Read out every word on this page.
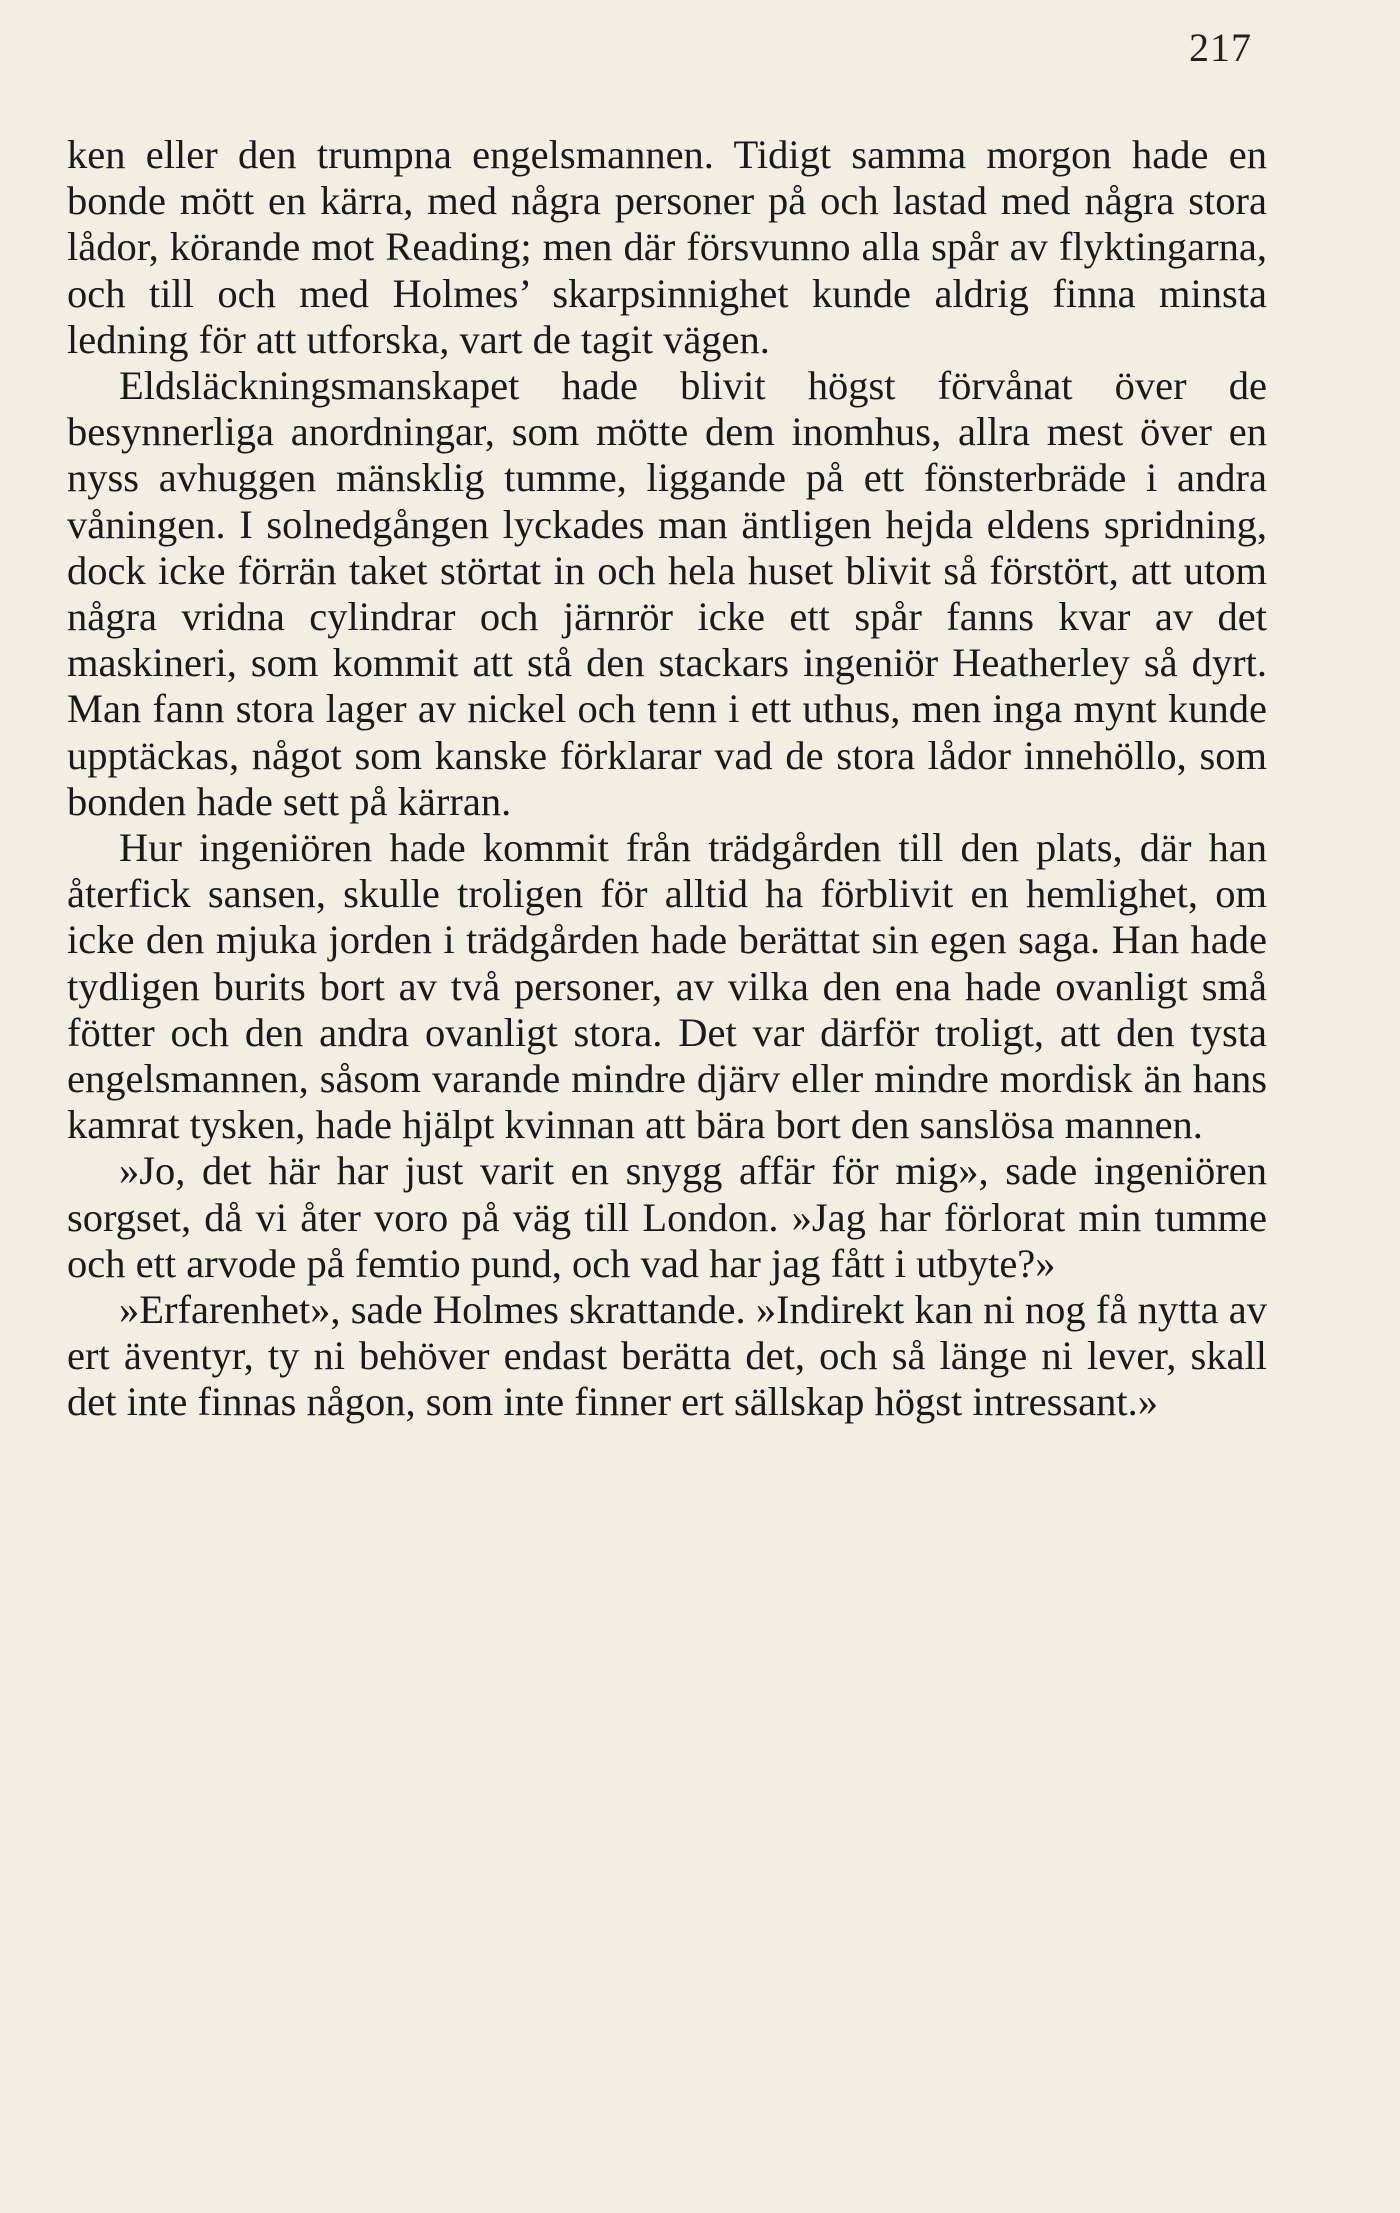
217

ken eller den trumpna engelsmannen. Tidigt samma morgon hade en bonde mött en kärra, med några personer på och lastad med några stora lådor, körande mot Reading; men där försvunno alla spår av flyktingarna, och till och med Holmes’ skarpsinnighet kunde aldrig finna minsta ledning för att utforska, vart de tagit vägen.

Eldsläckningsmanskapet hade blivit högst förvånat över de besynnerliga anordningar, som mötte dem inomhus, allra mest över en nyss avhuggen mänsklig tumme, liggande på ett fönsterbräde i andra våningen. I solnedgången lyckades man äntligen hejda eldens spridning, dock icke förrän taket störtat in och hela huset blivit så förstört, att utom några vridna cylindrar och järnrör icke ett spår fanns kvar av det maskineri, som kommit att stå den stackars ingeniör Heatherley så dyrt. Man fann stora lager av nickel och tenn i ett uthus, men inga mynt kunde upptäckas, något som kanske förklarar vad de stora lådor innehöllo, som bonden hade sett på kärran.

Hur ingeniören hade kommit från trädgården till den plats, där han återfick sansen, skulle troligen för alltid ha förblivit en hemlighet, om icke den mjuka jorden i trädgården hade berättat sin egen saga. Han hade tydligen burits bort av två personer, av vilka den ena hade ovanligt små fötter och den andra ovanligt stora. Det var därför troligt, att den tysta engelsmannen, såsom varande mindre djärv eller mindre mordisk än hans kamrat tysken, hade hjälpt kvinnan att bära bort den sanslösa mannen.

»Jo, det här har just varit en snygg affär för mig», sade ingeniören sorgset, då vi åter voro på väg till London. »Jag har förlorat min tumme och ett arvode på femtio pund, och vad har jag fått i utbyte?»

»Erfarenhet», sade Holmes skrattande. »Indirekt kan ni nog få nytta av ert äventyr, ty ni behöver endast berätta det, och så länge ni lever, skall det inte finnas någon, som inte finner ert sällskap högst intressant.»
